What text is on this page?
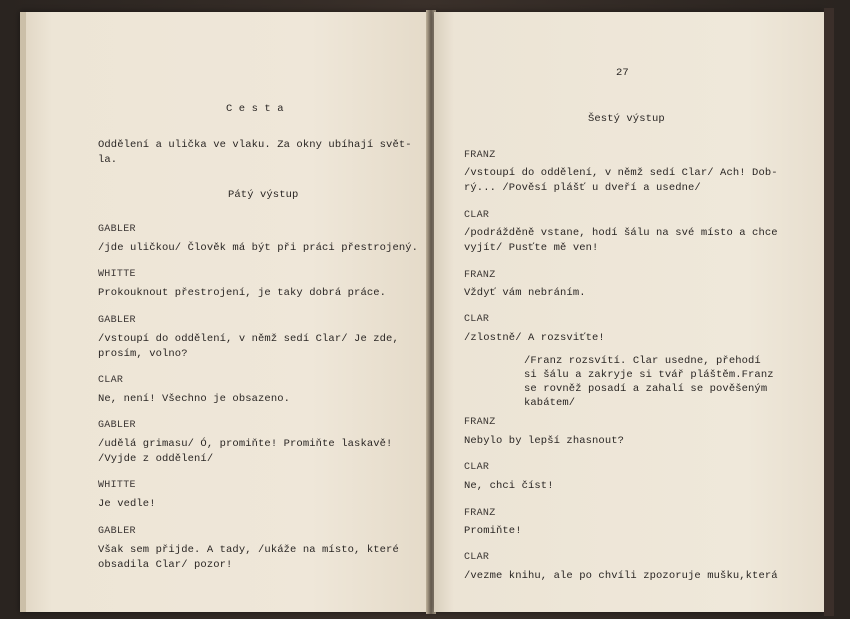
C e s t a

Oddělení a ulička ve vlaku. Za okny ubíhají svět-

la.

Pátý výstup

GABLER

/jde uličkou/ Člověk má být při práci přestrojený.

WHITTE

Prokouknout přestrojení, je taky dobrá práce.

GABLER

/vstoupí do oddělení, v němž sedí Clar/ Je zde,

prosím, volno?

CLAR

Ne, není! Všechno je obsazeno.

GABLER

/udělá grimasu/ Ó, promiňte! Promiňte laskavě!

/Vyjde z oddělení/

WHITTE

Je vedle!

GABLER

Však sem přijde. A tady, /ukáže na místo, které

obsadila Clar/ pozor!

27

Šestý výstup

FRANZ

/vstoupí do oddělení, v němž sedí Clar/ Ach! Dob-

rý... /Pověsí plášť u dveří a usedne/

CLAR

/podrážděně vstane, hodí šálu na své místo a chce

vyjít/ Pusťte mě ven!

FRANZ

Vždyť vám nebráním.

CLAR

/zlostně/ A rozsviťte!

/Franz rozsvítí. Clar usedne, přehodí

si šálu a zakryje si tvář pláštěm.Franz

se rovněž posadí a zahalí se pověšeným

kabátem/

FRANZ

Nebylo by lepší zhasnout?

CLAR

Ne, chci číst!

FRANZ

Promiňte!

CLAR

/vezme knihu, ale po chvíli zpozoruje mušku,která
